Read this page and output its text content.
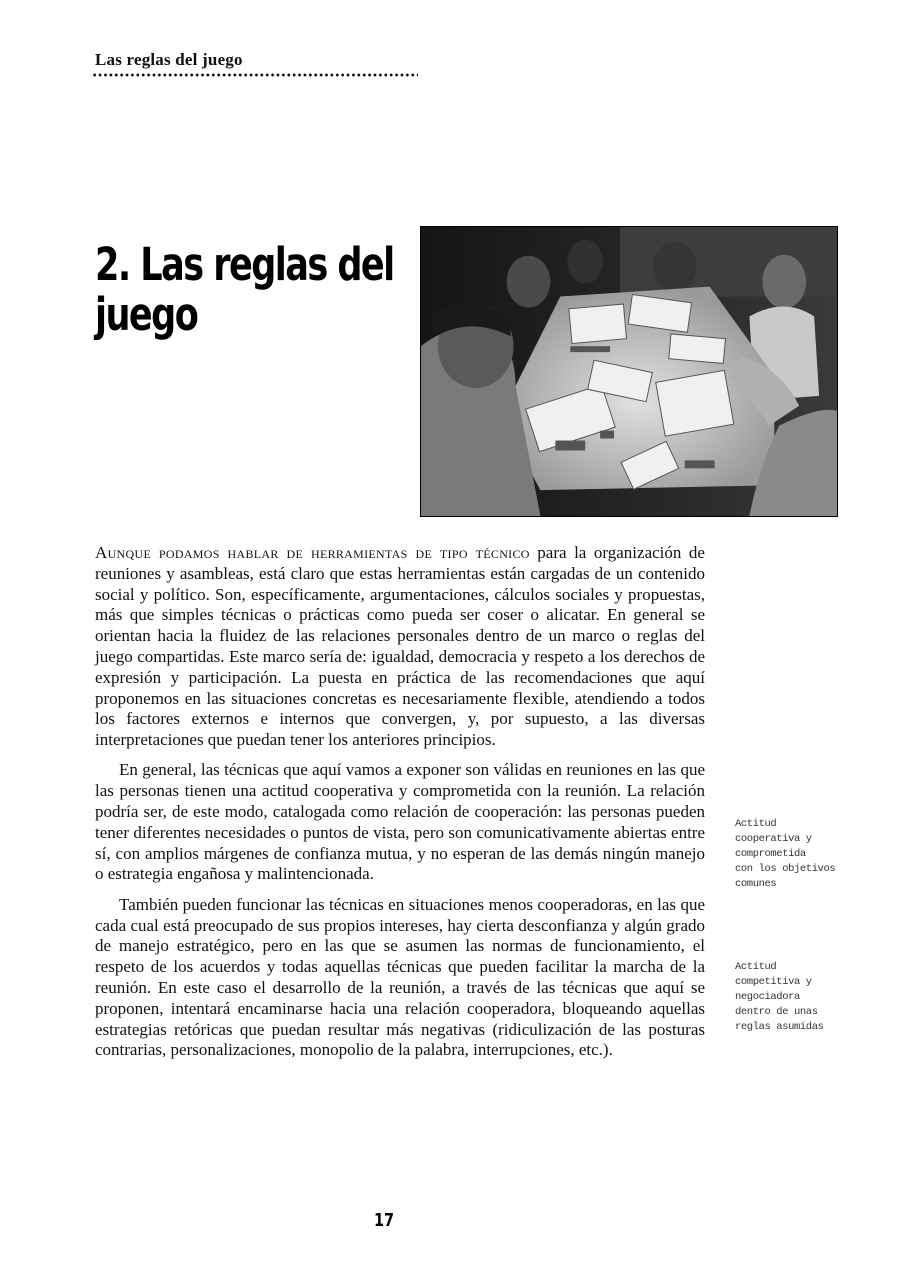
Las reglas del juego
2. Las reglas del juego

Aunque podamos hablar de herramientas de tipo técnico para la organización de reuniones y asambleas, está claro que estas herramientas están cargadas de un contenido social y político. Son, específicamente, argumentaciones, cálculos sociales y propuestas, más que simples técnicas o prácticas como pueda ser coser o alicatar. En general se orientan hacia la fluidez de las relaciones personales dentro de un marco o reglas del juego compartidas. Este marco sería de: igualdad, democracia y respeto a los derechos de expresión y participación. La puesta en práctica de las recomendaciones que aquí proponemos en las situaciones concretas es necesariamente flexible, atendiendo a todos los factores externos e internos que convergen, y, por supuesto, a las diversas interpretaciones que puedan tener los anteriores principios.

En general, las técnicas que aquí vamos a exponer son válidas en reuniones en las que las personas tienen una actitud cooperativa y comprometida con la reunión. La relación podría ser, de este modo, catalogada como relación de cooperación: las personas pueden tener diferentes necesidades o puntos de vista, pero son comunicativamente abiertas entre sí, con amplios márgenes de confianza mutua, y no esperan de las demás ningún manejo o estrategia engañosa y malintencionada.

También pueden funcionar las técnicas en situaciones menos cooperadoras, en las que cada cual está preocupado de sus propios intereses, hay cierta desconfianza y algún grado de manejo estratégico, pero en las que se asumen las normas de funcionamiento, el respeto de los acuerdos y todas aquellas técnicas que pueden facilitar la marcha de la reunión. En este caso el desarrollo de la reunión, a través de las técnicas que aquí se proponen, intentará encaminarse hacia una relación cooperadora, bloqueando aquellas estrategias retóricas que puedan resultar más negativas (ridiculización de las posturas contrarias, personalizaciones, monopolio de la palabra, interrupciones, etc.).

Actitud
cooperativa y
comprometida
con los objetivos
comunes
Actitud
competitiva y
negociadora
dentro de unas
reglas asumidas
17
